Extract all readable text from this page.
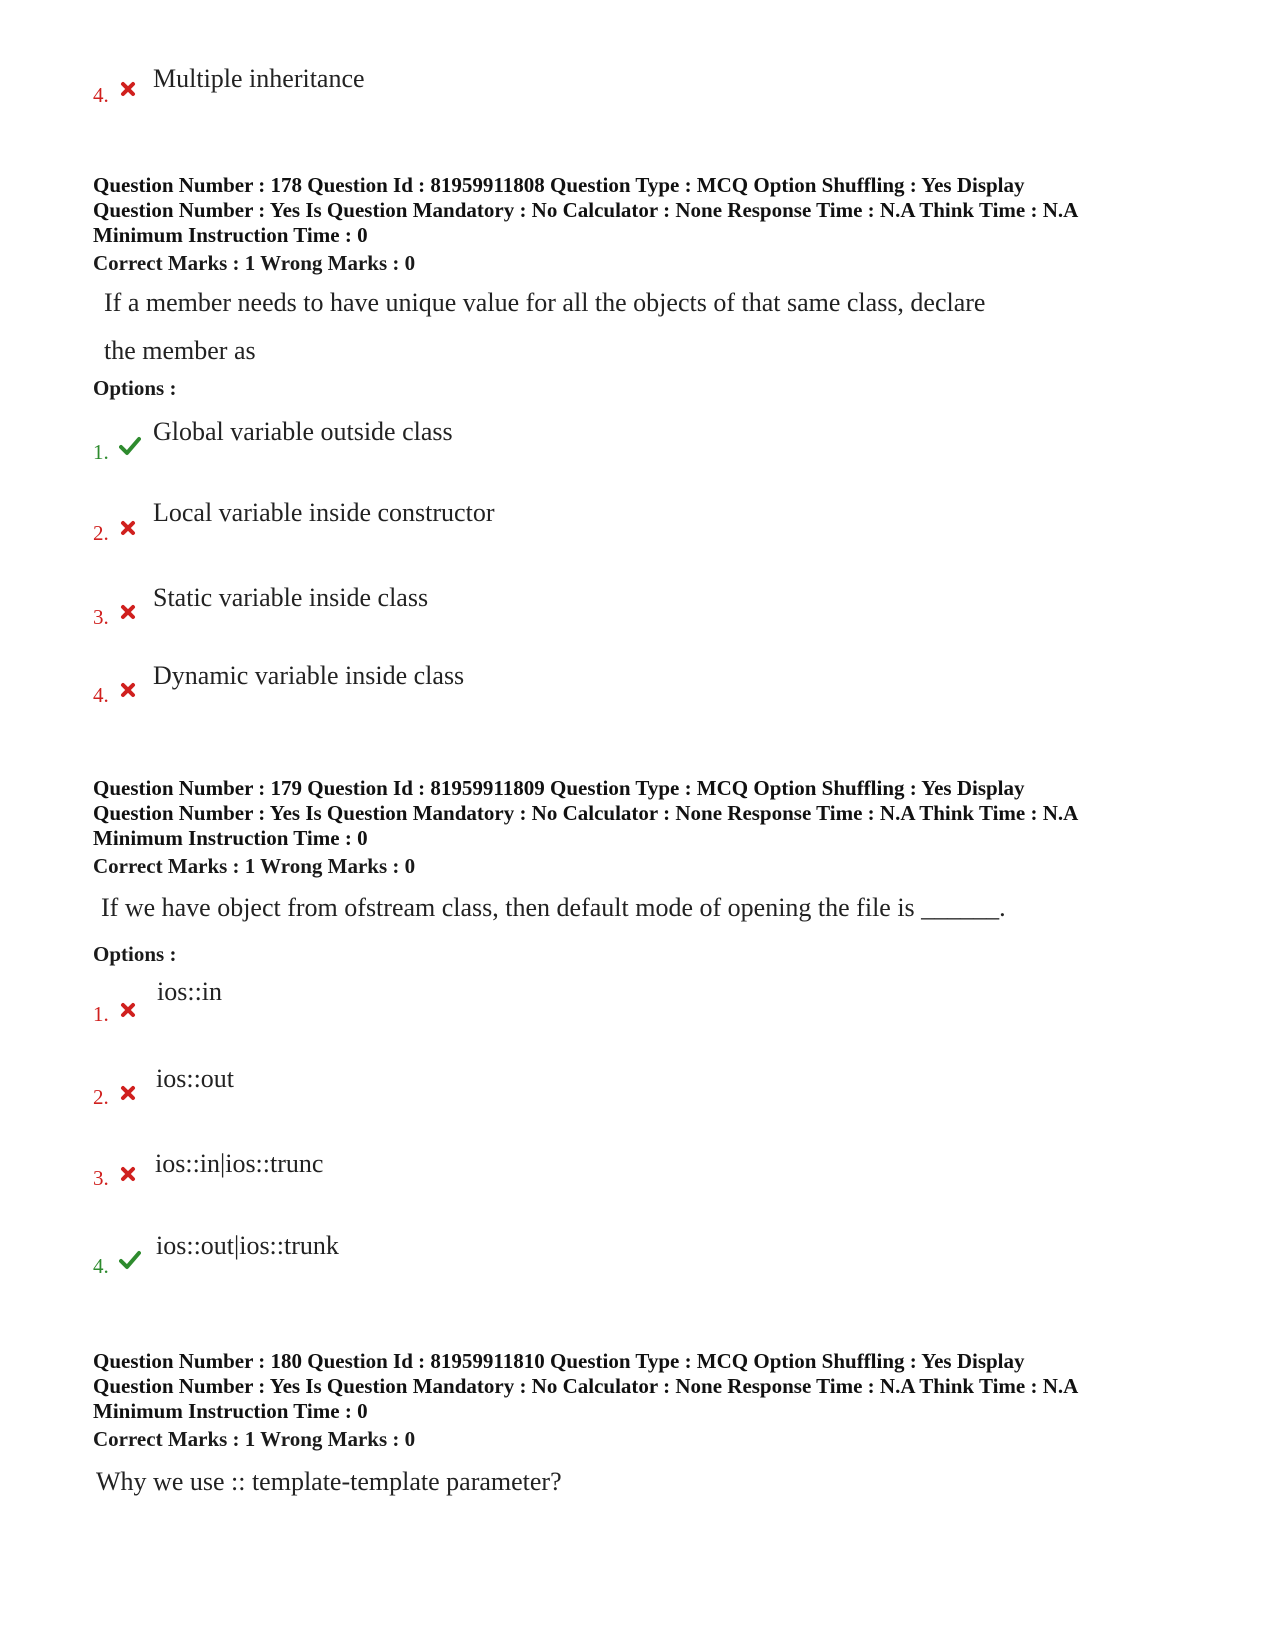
4.
Multiple inheritance
Question Number : 178 Question Id : 81959911808 Question Type : MCQ Option Shuffling : Yes Display
Question Number : Yes Is Question Mandatory : No Calculator : None Response Time : N.A Think Time : N.A
Minimum Instruction Time : 0
Correct Marks : 1 Wrong Marks : 0
If a member needs to have unique value for all the objects of that same class, declare
the member as
Options :
1.
Global variable outside class
2.
Local variable inside constructor
3.
Static variable inside class
4.
Dynamic variable inside class
Question Number : 179 Question Id : 81959911809 Question Type : MCQ Option Shuffling : Yes Display
Question Number : Yes Is Question Mandatory : No Calculator : None Response Time : N.A Think Time : N.A
Minimum Instruction Time : 0
Correct Marks : 1 Wrong Marks : 0
If we have object from ofstream class, then default mode of opening the file is ______.
Options :
1.
ios::in
2.
ios::out
3. ios::in|ios::trunc
4.
ios::out|ios::trunk
Question Number : 180 Question Id : 81959911810 Question Type : MCQ Option Shuffling : Yes Display
Question Number : Yes Is Question Mandatory : No Calculator : None Response Time : N.A Think Time : N.A
Minimum Instruction Time : 0
Correct Marks : 1 Wrong Marks : 0
Why we use :: template-template parameter?
